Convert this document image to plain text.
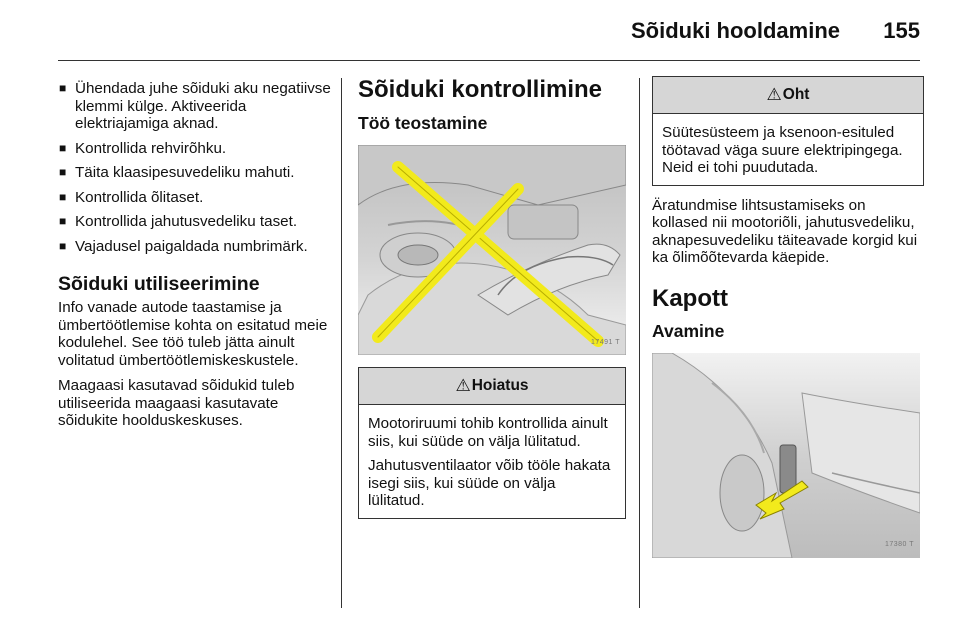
Sõiduki hooldamine 155
■ Ühendada juhe sõiduki aku negatiivse klemmi külge. Aktiveerida elektriajamiga aknad.
■ Kontrollida rehvirõhku.
■ Täita klaasipesuvedeliku mahuti.
■ Kontrollida õlitaset.
■ Kontrollida jahutusvedeliku taset.
■ Vajadusel paigaldada numbrimärk.
Sõiduki utiliseerimine

Info vanade autode taastamise ja ümbertöötlemise kohta on esitatud meie kodulehel. See töö tuleb jätta ainult volitatud ümbertöötlemiskeskustele.

Maagaasi kasutavad sõidukid tuleb utiliseerida maagaasi kasutavate sõidukite hoolduskeskuses.

Sõiduki kontrollimine
Töö teostamine
17491 T
⚠ Hoiatus

Mootoriruumi tohib kontrollida ainult siis, kui süüde on välja lülitatud.

Jahutusventilaator võib tööle hakata isegi siis, kui süüde on välja lülitatud.

⚠ Oht

Süütesüsteem ja ksenoon-esituled töötavad väga suure elektripingega. Neid ei tohi puudutada.

Äratundmise lihtsustamiseks on kollased nii mootoriõli, jahutusvedeliku, aknapesuvedeliku täiteavade korgid kui ka õlimõõtevarda käepide.

Kapott
Avamine
17380 T
